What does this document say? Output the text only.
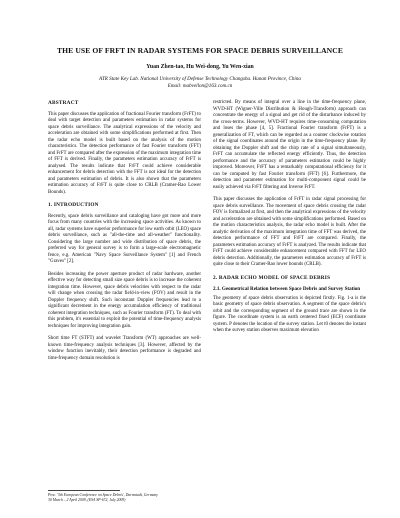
THE USE OF FRFT IN RADAR SYSTEMS FOR SPACE DEBRIS SURVEILLANCE
Yuan Zhen-tao, Hu Wei-dong, Yu Wen-xian
ATR State Key Lab. National University of Defense Technology Changsha. Hunan Province, China
Email: mabvellon@163.com.cn
ABSTRACT

This paper discusses the application of fractional Fourier transform (FrFT) to deal with target detection and parameters estimation in radar systems for space debris surveillance. The analytical expressions of the velocity and acceleration are obtained with some simplifications performed at first. Then the radar echo model is built based on the analysis of the motion characteristics. The detection performance of fast Fourier transform (FFT) and FrFT are compared after the expression of the maximum integration time of FFT is derived. Finally, the parameters estimation accuracy of FrFT is analysed. The results indicate that FrFT could achieve considerable enhancement for debris detection with the FFT is not ideal for the detection and parameters estimation of debris. It is also shown that the parameters estimation accuracy of FrFT is quite close to CRLB (Cramer-Rao Lower Bounds).

1. INTRODUCTION

Recently, space debris surveillance and cataloging have got more and more focus from many countries with the increasing space activities. As known to all, radar systems have superior performance for low earth orbit (LEO) space debris surveillance, such as "all-the-time and all-weather" functionality. Considering the large number and wide distribution of space debris, the preferred way for general survey is to form a large-scale electromagnetic fence, e.g. American "Navy Space Surveillance System" [1] and French "Graves" [2].

Besides increasing the power aperture product of radar hardware, another effective way for detecting small size space debris is to increase the coherent integration time. However, space debris velocities with respect to the radar will change when crossing the radar field-in-view (FOV) and result in the Doppler frequency shift. Such inconstant Doppler frequencies lead to a significant decrement in the energy accumulation efficiency of traditional coherent integration techniques, such as Fourier transform (FT). To deal with this problem, it's essential to exploit the potential of time-frequency analysis techniques for improving integration gain.

Short time FT (STFT) and wavelet Transform (WT) approaches are well-known time-frequency analysis techniques [3]. However, affected by the window function inevitably, their detection performance is degraded and time-frequency domain resolution is

restricted. By means of integral over a line in the time-frequency plane, WVD-HT (Wigner-Ville Distribution & Hough-Transform) approach can concentrate the energy of a signal and get rid of the disturbance induced by the cross-terms. However, WVD-HT requires time-consuming computation and loses the phase [4, 5]. Fractional Fourier transform (FrFT) is a generalization of FT, which can be regarded as a counter clockwise rotation of the signal coordinates around the origin in the time-frequency plane. By obtaining the Doppler shift and the chirp rate of a signal simultaneously, FrFT can accumulate the reflected energy efficiently. Thus, the detection performance and the accuracy of parameters estimation could be highly improved. Moreover, FrFT has a remarkably computational efficiency for it can be computed by fast Fourier transform (FFT) [6]. Furthermore, the detection and parameter estimation for multi-component signal could be easily achieved via FrFT filtering and Inverse FrFT.

This paper discusses the application of FrFT in radar signal processing for space debris surveillance. The movement of space debris crossing the radar FOV is formalized at first, and then the analytical expressions of the velocity and acceleration are obtained with some simplifications performed. Based on the motion characteristics analysis, the radar echo model is built. After the analytic derivation of the maximum integration time of FFT was derived, the detection performance of FFT and FrFT are compared. Finally, the parameters estimation accuracy of FrFT is analyzed. The results indicate that FrFT could achieve considerable enhancement compared with FFT for LEO debris detection. Additionally, the parameters estimation accuracy of FrFT is quite close to their Cramer-Rao lower bounds (CRLB).

2. RADAR ECHO MODEL OF SPACE DEBRIS
2.1. Geometrical Relation between Space Debris and Survey Station

The geometry of space debris observation is depicted firstly. Fig. 1-a is the basic geometry of space debris observation. A segment of the space debris's orbit and the corresponding segment of the ground trace are shown in the figure. The coordinate system is an earth centered fixed (ECF) coordinate system. P denotes the location of the survey station. Let t0 denotes the instant when the survey station observes maximum elevation

Proc. '5th European Conference on Space Debris', Darmstadt, Germany
30 March – 2 April 2009, (ESA SP-672, July 2009)
